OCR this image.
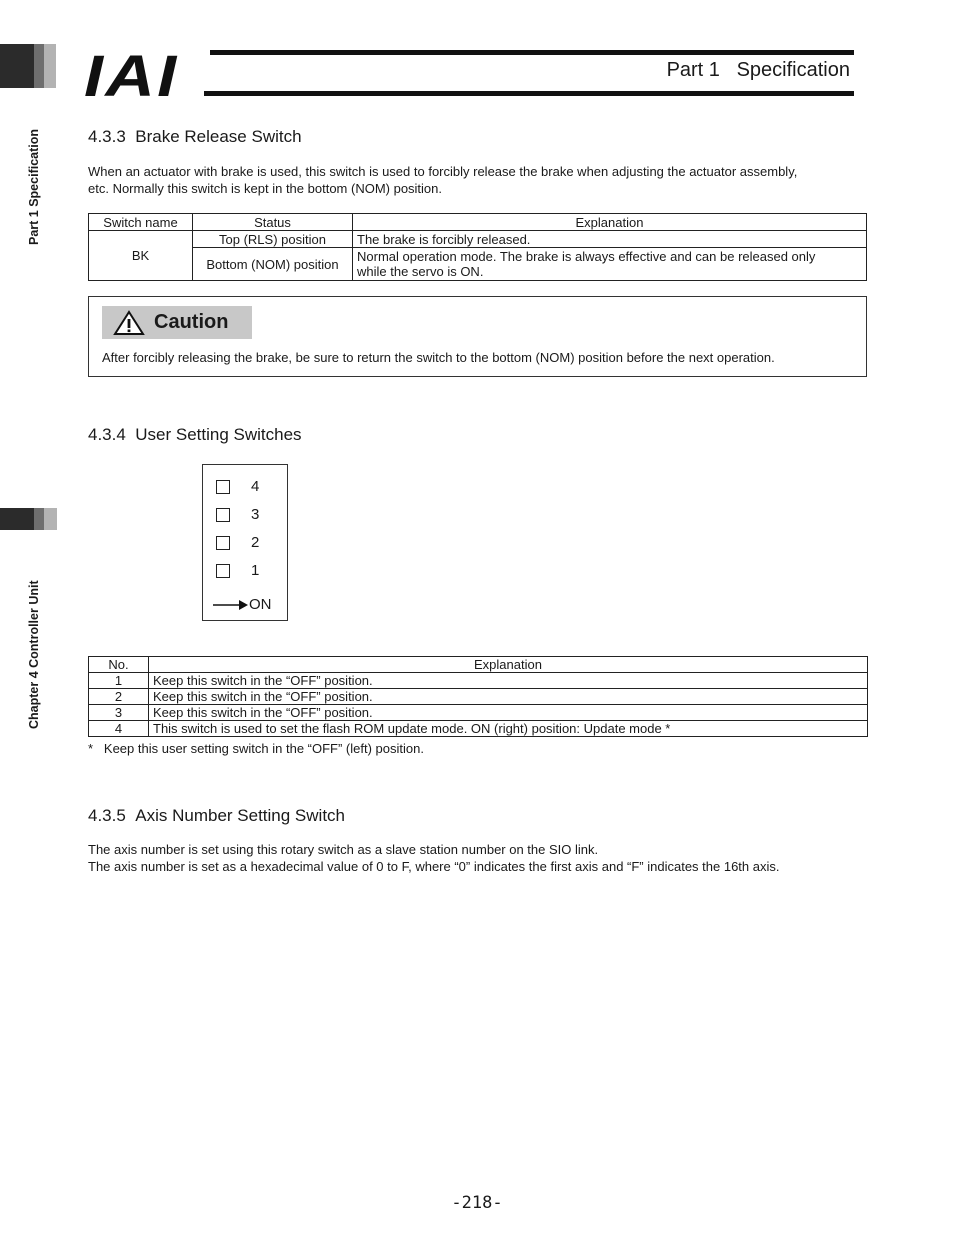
Part 1 Specification
Chapter 4 Controller Unit
IAI	Part 1   Specification
4.3.3  Brake Release Switch

When an actuator with brake is used, this switch is used to forcibly release the brake when adjusting the actuator assembly,

etc. Normally this switch is kept in the bottom (NOM) position.

Switch name	Status	Explanation
BK	Top (RLS) position	The brake is forcibly released.
	Bottom (NOM) position	Normal operation mode. The brake is always effective and can be released only
while the servo is ON.
Caution
After forcibly releasing the brake, be sure to return the switch to the bottom (NOM) position before the next operation.
4.3.4  User Setting Switches
4
3
2
1
ON
No.	Explanation
1	Keep this switch in the “OFF” position.
2	Keep this switch in the “OFF” position.
3	Keep this switch in the “OFF” position.
4	This switch is used to set the flash ROM update mode. ON (right) position: Update mode *
*   Keep this user setting switch in the “OFF” (left) position.
4.3.5  Axis Number Setting Switch

The axis number is set using this rotary switch as a slave station number on the SIO link.

The axis number is set as a hexadecimal value of 0 to F, where “0” indicates the first axis and “F” indicates the 16th axis.

-218-
